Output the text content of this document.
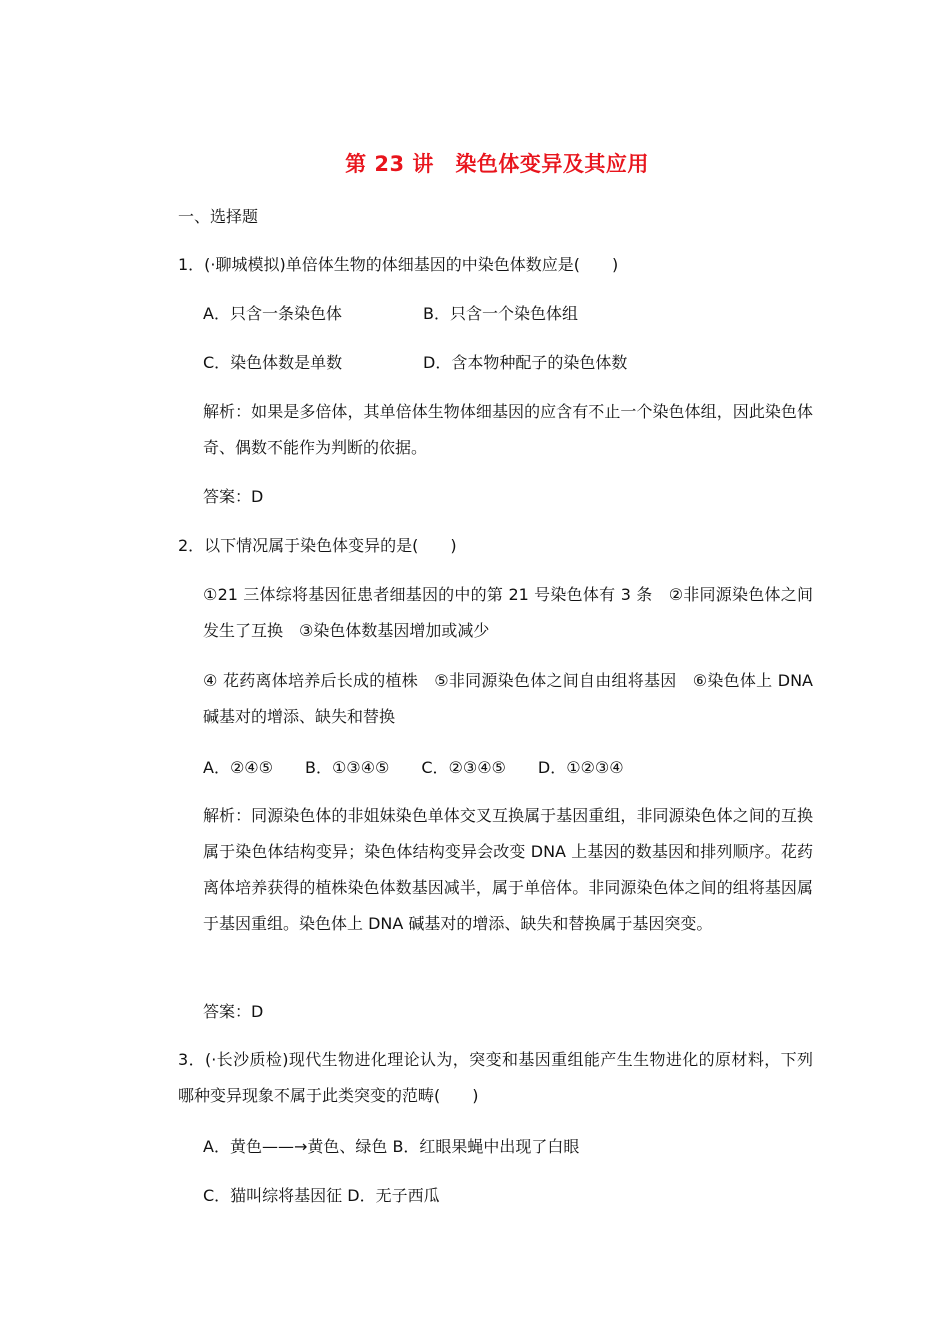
第 23 讲　染色体变异及其应用
一、选择题
1．(·聊城模拟)单倍体生物的体细基因的中染色体数应是(　　)
A．只含一条染色体	B．只含一个染色体组
C．染色体数是单数	D．含本物种配子的染色体数
解析：如果是多倍体，其单倍体生物体细基因的应含有不止一个染色体组，因此染色体奇、偶数不能作为判断的依据。
答案：D
2．以下情况属于染色体变异的是(　　)
①21 三体综将基因征患者细基因的中的第 21 号染色体有 3 条　②非同源染色体之间发生了互换　③染色体数基因增加或减少
④ 花药离体培养后长成的植株　⑤非同源染色体之间自由组将基因　⑥染色体上 DNA 碱基对的增添、缺失和替换
A．②④⑤　　B．①③④⑤　　C．②③④⑤　　D．①②③④
解析：同源染色体的非姐妹染色单体交叉互换属于基因重组，非同源染色体之间的互换属于染色体结构变异；染色体结构变异会改变 DNA 上基因的数基因和排列顺序。花药离体培养获得的植株染色体数基因减半，属于单倍体。非同源染色体之间的组将基因属于基因重组。染色体上 DNA 碱基对的增添、缺失和替换属于基因突变。
答案：D
3．(·长沙质检)现代生物进化理论认为，突变和基因重组能产生生物进化的原材料，下列哪种变异现象不属于此类突变的范畴(　　)
A．黄色——→黄色、绿色 B．红眼果蝇中出现了白眼
C．猫叫综将基因征 D．无子西瓜
